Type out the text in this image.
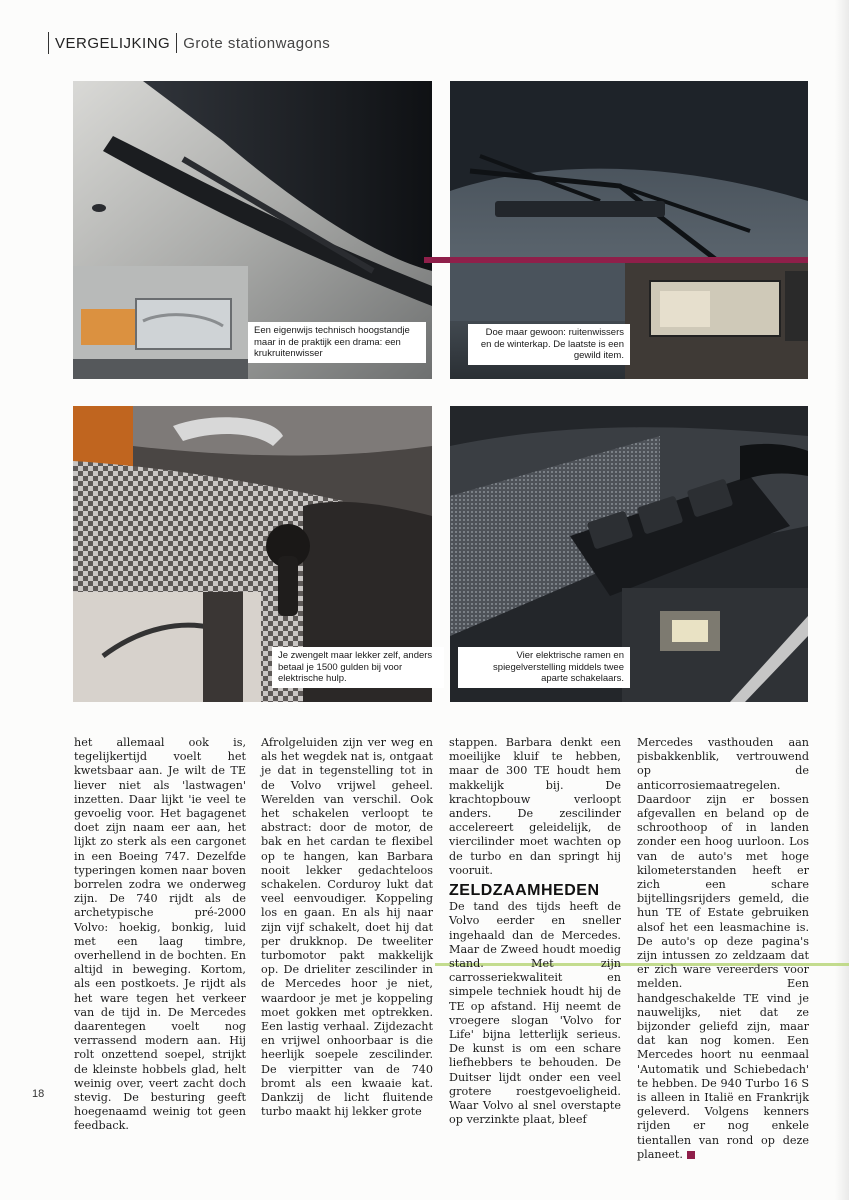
VERGELIJKING Grote stationwagons
Een eigenwijs technisch hoogstandje maar in de praktijk een drama: een krukruitenwisser
Doe maar gewoon: ruitenwissers en de winterkap. De laatste is een gewild item.
Je zwengelt maar lekker zelf, anders betaal je 1500 gulden bij voor elektrische hulp.
Vier elektrische ramen en spiegelverstelling middels twee aparte schakelaars.

het allemaal ook is, tegelijkertijd voelt het kwetsbaar aan. Je wilt de TE liever niet als 'lastwagen' inzetten. Daar lijkt 'ie veel te gevoelig voor. Het bagagenet doet zijn naam eer aan, het lijkt zo sterk als een cargonet in een Boeing 747. Dezelfde typeringen komen naar boven borrelen zodra we onderweg zijn. De 740 rijdt als de archetypische pré-2000 Volvo: hoekig, bonkig, luid met een laag timbre, overhellend in de bochten. En altijd in beweging. Kortom, als een postkoets. Je rijdt als het ware tegen het verkeer van de tijd in. De Mercedes daarentegen voelt nog verrassend modern aan. Hij rolt onzettend soepel, strijkt de kleinste hobbels glad, helt weinig over, veert zacht doch stevig. De besturing geeft hoegenaamd weinig tot geen feedback.

Afrolgeluiden zijn ver weg en als het wegdek nat is, ontgaat je dat in tegenstelling tot in de Volvo vrijwel geheel. Werelden van verschil. Ook het schakelen verloopt te abstract: door de motor, de bak en het cardan te flexibel op te hangen, kan Barbara nooit lekker gedachteloos schakelen. Corduroy lukt dat veel eenvoudiger. Koppeling los en gaan. En als hij naar zijn vijf schakelt, doet hij dat per drukknop. De tweeliter turbomotor pakt makkelijk op. De drieliter zescilinder in de Mercedes hoor je niet, waardoor je met je koppeling moet gokken met optrekken. Een lastig verhaal. Zijdezacht en vrijwel onhoorbaar is die heerlijk soepele zescilinder. De vierpitter van de 740 bromt als een kwaaie kat. Dankzij de licht fluitende turbo maakt hij lekker grote

stappen. Barbara denkt een moeilijke kluif te hebben, maar de 300 TE houdt hem makkelijk bij. De krachtopbouw verloopt anders. De zescilinder accelereert geleidelijk, de viercilinder moet wachten op de turbo en dan springt hij vooruit.

ZELDZAAMHEDEN

De tand des tijds heeft de Volvo eerder en sneller ingehaald dan de Mercedes. Maar de Zweed houdt moedig stand. Met zijn carrosseriekwaliteit en simpele techniek houdt hij de TE op afstand. Hij neemt de vroegere slogan 'Volvo for Life' bijna letterlijk serieus. De kunst is om een schare liefhebbers te behouden. De Duitser lijdt onder een veel grotere roestgevoeligheid. Waar Volvo al snel overstapte op verzinkte plaat, bleef

Mercedes vasthouden aan pisbakkenblik, vertrouwend op de anticorrosiemaatregelen. Daardoor zijn er bossen afgevallen en beland op de schroothoop of in landen zonder een hoog uurloon. Los van de auto's met hoge kilometerstanden heeft er zich een schare bijtellingsrijders gemeld, die hun TE of Estate gebruiken alsof het een leasmachine is. De auto's op deze pagina's zijn intussen zo zeldzaam dat er zich ware vereerders voor melden. Een handgeschakelde TE vind je nauwelijks, niet dat ze bijzonder geliefd zijn, maar dat kan nog komen. Een Mercedes hoort nu eenmaal 'Automatik und Schiebedach' te hebben. De 940 Turbo 16 S is alleen in Italië en Frankrijk geleverd. Volgens kenners rijden er nog enkele tientallen van rond op deze planeet.

18
